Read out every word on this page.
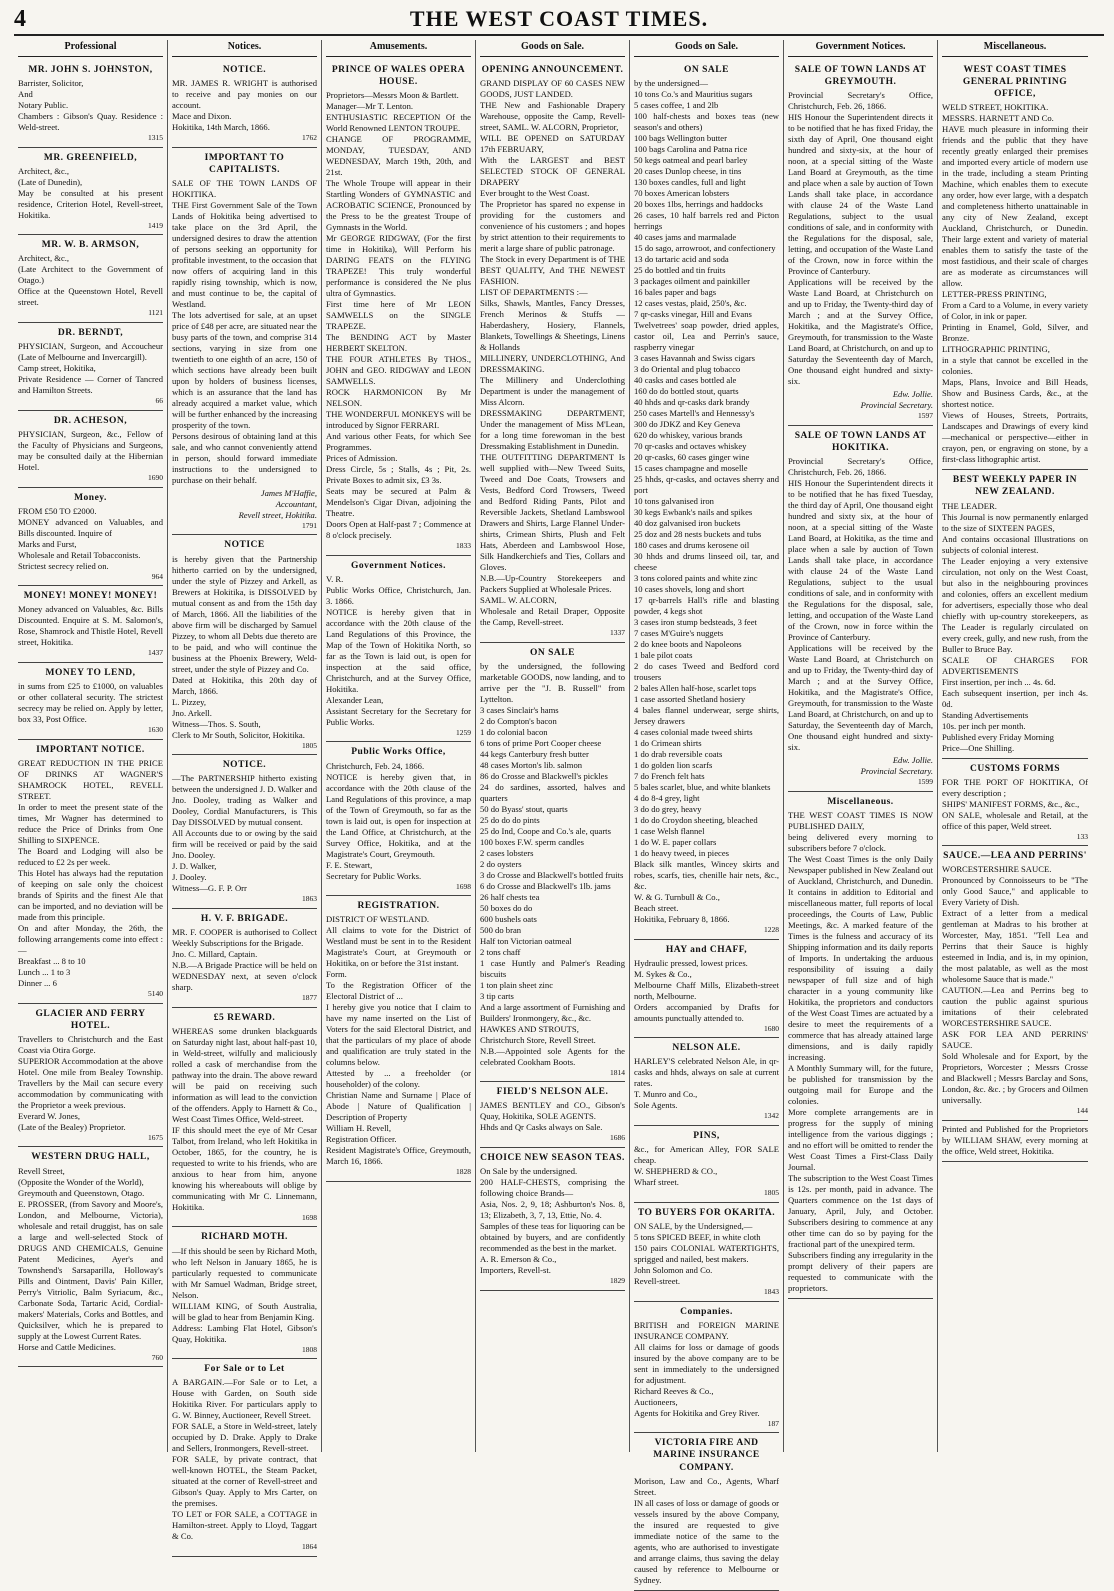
4	THE WEST COAST TIMES.
Professional
MR. JOHN S. JOHNSTON,
Barrister, Solicitor,
And
Notary Public.
Chambers : Gibson's Quay. Residence : Weld-street.
1315
MR. GREENFIELD,
Architect, &c.,
(Late of Dunedin),
May be consulted at his present residence, Criterion Hotel, Revell-street, Hokitika.
1419
MR. W. B. ARMSON,
Architect, &c.,
(Late Architect to the Government of Otago.)
Office at the Queenstown Hotel, Revell street.
1121
DR. BERNDT,
PHYSICIAN, Surgeon, and Accoucheur (Late of Melbourne and Invercargill).
Camp street, Hokitika,
Private Residence — Corner of Tancred and Hamilton Streets.
66
DR. ACHESON,
PHYSICIAN, Surgeon, &c., Fellow of the Faculty of Physicians and Surgeons, may be consulted daily at the Hibernian Hotel.
1690
Money.
FROM £50 TO £2000.
MONEY advanced on Valuables, and Bills discounted. Inquire of
Marks and Furst,
Wholesale and Retail Tobacconists.
Strictest secrecy relied on.
964
MONEY! MONEY! MONEY!
Money advanced on Valuables, &c. Bills Discounted. Enquire at S. M. Salomon's, Rose, Shamrock and Thistle Hotel, Revell street, Hokitika.
1437
MONEY TO LEND,
in sums from £25 to £1000, on valuables or other collateral security. The strictest secrecy may be relied on. Apply by letter, box 33, Post Office.
1630
IMPORTANT NOTICE.
GREAT REDUCTION IN THE PRICE OF DRINKS AT WAGNER'S SHAMROCK HOTEL, REVELL STREET.
In order to meet the present state of the times, Mr Wagner has determined to reduce the Price of Drinks from One Shilling to SIXPENCE.
The Board and Lodging will also be reduced to £2 2s per week.
This Hotel has always had the reputation of keeping on sale only the choicest brands of Spirits and the finest Ale that can be imported, and no deviation will be made from this principle.
On and after Monday, the 26th, the following arrangements come into effect :—
Breakfast ... 8 to 10
Lunch ... 1 to 3
Dinner ... 6
5140
GLACIER AND FERRY HOTEL.
Travellers to Christchurch and the East Coast via Otira Gorge.
SUPERIOR Accommodation at the above Hotel. One mile from Bealey Township. Travellers by the Mail can secure every accommodation by communicating with the Proprietor a week previous.
Everard W. Jones,
(Late of the Bealey) Proprietor.
1675
WESTERN DRUG HALL,
Revell Street,
(Opposite the Wonder of the World),
Greymouth and Queenstown, Otago.
E. PROSSER, (from Savory and Moore's, London, and Melbourne, Victoria), wholesale and retail druggist, has on sale a large and well-selected Stock of DRUGS AND CHEMICALS, Genuine Patent Medicines, Ayer's and Townshend's Sarsaparilla, Holloway's Pills and Ointment, Davis' Pain Killer, Perry's Vitriolic, Balm Syriacum, &c., Carbonate Soda, Tartaric Acid, Cordial-makers' Materials, Corks and Bottles, and Quicksilver, which he is prepared to supply at the Lowest Current Rates.
Horse and Cattle Medicines.
760
Notices.
NOTICE.
MR. JAMES R. WRIGHT is authorised to receive and pay monies on our account.
Mace and Dixon.
Hokitika, 14th March, 1866.
1762
IMPORTANT TO CAPITALISTS.
SALE OF THE TOWN LANDS OF HOKITIKA.
THE First Government Sale of the Town Lands of Hokitika being advertised to take place on the 3rd April, the undersigned desires to draw the attention of persons seeking an opportunity for profitable investment, to the occasion that now offers of acquiring land in this rapidly rising township, which is now, and must continue to be, the capital of Westland.
The lots advertised for sale, at an upset price of £48 per acre, are situated near the busy parts of the town, and comprise 314 sections, varying in size from one twentieth to one eighth of an acre, 150 of which sections have already been built upon by holders of business licenses, which is an assurance that the land has already acquired a market value, which will be further enhanced by the increasing prosperity of the town.
Persons desirous of obtaining land at this sale, and who cannot conveniently attend in person, should forward immediate instructions to the undersigned to purchase on their behalf.
James M'Haffie,
Accountant,
Revell street, Hokitika.
1791
NOTICE
is hereby given that the Partnership hitherto carried on by the undersigned, under the style of Pizzey and Arkell, as Brewers at Hokitika, is DISSOLVED by mutual consent as and from the 15th day of March, 1866. All the liabilities of the above firm will be discharged by Samuel Pizzey, to whom all Debts due thereto are to be paid, and who will continue the business at the Phoenix Brewery, Weld-street, under the style of Pizzey and Co.
Dated at Hokitika, this 20th day of March, 1866.
L. Pizzey,
Jno. Arkell.
Witness—Thos. S. South,
Clerk to Mr South, Solicitor, Hokitika.
1805
NOTICE.
—The PARTNERSHIP hitherto existing between the undersigned J. D. Walker and Jno. Dooley, trading as Walker and Dooley, Cordial Manufacturers, is This Day DISSOLVED by mutual consent.
All Accounts due to or owing by the said firm will be received or paid by the said Jno. Dooley.
J. D. Walker,
J. Dooley.
Witness—G. F. P. Orr
1863
H. V. F. BRIGADE.
MR. F. COOPER is authorised to Collect Weekly Subscriptions for the Brigade.
Jno. C. Millard, Captain.
N.B.—A Brigade Practice will be held on WEDNESDAY next, at seven o'clock sharp.
1877
£5 REWARD.
WHEREAS some drunken blackguards on Saturday night last, about half-past 10, in Weld-street, wilfully and maliciously rolled a cask of merchandise from the pathway into the drain. The above reward will be paid on receiving such information as will lead to the conviction of the offenders. Apply to Harnett & Co., West Coast Times Office, Weld-street.
IF this should meet the eye of Mr Cesar Talbot, from Ireland, who left Hokitika in October, 1865, for the country, he is requested to write to his friends, who are anxious to hear from him, anyone knowing his whereabouts will oblige by communicating with Mr C. Linnemann, Hokitika.
1698
RICHARD MOTH.
—If this should be seen by Richard Moth, who left Nelson in January 1865, he is particularly requested to communicate with Mr Samuel Wadman, Bridge street, Nelson.
WILLIAM KING, of South Australia, will be glad to hear from Benjamin King.
Address: Lambing Flat Hotel, Gibson's Quay, Hokitika.
1808
For Sale or to Let
A BARGAIN.—For Sale or to Let, a House with Garden, on South side Hokitika River. For particulars apply to G. W. Binney, Auctioneer, Revell Street.
FOR SALE, a Store in Weld-street, lately occupied by D. Drake. Apply to Drake and Sellers, Ironmongers, Revell-street.
FOR SALE, by private contract, that well-known HOTEL, the Steam Packet, situated at the corner of Revell-street and Gibson's Quay. Apply to Mrs Carter, on the premises.
TO LET or FOR SALE, a COTTAGE in Hamilton-street. Apply to Lloyd, Taggart & Co.
1864
Amusements.
PRINCE OF WALES OPERA HOUSE.
Proprietors—Messrs Moon & Bartlett.
Manager—Mr T. Lenton.
ENTHUSIASTIC RECEPTION Of the World Renowned LENTON TROUPE.
CHANGE OF PROGRAMME, MONDAY, TUESDAY, AND WEDNESDAY, March 19th, 20th, and 21st.
The Whole Troupe will appear in their Startling Wonders of GYMNASTIC and ACROBATIC SCIENCE, Pronounced by the Press to be the greatest Troupe of Gymnasts in the World.
Mr GEORGE RIDGWAY, (For the first time in Hokitika), Will Perform his DARING FEATS on the FLYING TRAPEZE! This truly wonderful performance is considered the Ne plus ultra of Gymnastics.
First time here of Mr LEON SAMWELLS on the SINGLE TRAPEZE.
The BENDING ACT by Master HERBERT SKELTON.
THE FOUR ATHLETES By THOS., JOHN and GEO. RIDGWAY and LEON SAMWELLS.
ROCK HARMONICON By Mr NELSON.
THE WONDERFUL MONKEYS will be introduced by Signor FERRARI.
And various other Feats, for which See Programmes.
Prices of Admission.
Dress Circle, 5s ; Stalls, 4s ; Pit, 2s. Private Boxes to admit six, £3 3s.
Seats may be secured at Palm & Mendelson's Cigar Divan, adjoining the Theatre.
Doors Open at Half-past 7 ; Commence at 8 o'clock precisely.
1833
Government Notices.
V. R.
Public Works Office, Christchurch, Jan. 3. 1866.
NOTICE is hereby given that in accordance with the 20th clause of the Land Regulations of this Province, the Map of the Town of Hokitika North, so far as the Town is laid out, is open for inspection at the said office, Christchurch, and at the Survey Office, Hokitika.
Alexander Lean,
Assistant Secretary for the Secretary for Public Works.
1259
Public Works Office,
Christchurch, Feb. 24, 1866.
NOTICE is hereby given that, in accordance with the 20th clause of the Land Regulations of this province, a map of the Town of Greymouth, so far as the town is laid out, is open for inspection at the Land Office, at Christchurch, at the Survey Office, Hokitika, and at the Magistrate's Court, Greymouth.
F. E. Stewart,
Secretary for Public Works.
1698
REGISTRATION.
DISTRICT OF WESTLAND.
All claims to vote for the District of Westland must be sent in to the Resident Magistrate's Court, at Greymouth or Hokitika, on or before the 31st instant.
Form.
To the Registration Officer of the Electoral District of ...
I hereby give you notice that I claim to have my name inserted on the List of Voters for the said Electoral District, and that the particulars of my place of abode and qualification are truly stated in the columns below.
Attested by ... a freeholder (or householder) of the colony.
Christian Name and Surname | Place of Abode | Nature of Qualification | Description of Property
William H. Revell,
Registration Officer.
Resident Magistrate's Office, Greymouth, March 16, 1866.
1828
Goods on Sale.
OPENING ANNOUNCEMENT.
GRAND DISPLAY OF 60 CASES NEW GOODS, JUST LANDED.
THE New and Fashionable Drapery Warehouse, opposite the Camp, Revell-street, SAML. W. ALCORN, Proprietor,
WILL BE OPENED on SATURDAY 17th FEBRUARY,
With the LARGEST and BEST SELECTED STOCK OF GENERAL DRAPERY
Ever brought to the West Coast.
The Proprietor has spared no expense in providing for the customers and convenience of his customers ; and hopes by strict attention to their requirements to merit a large share of public patronage.
The Stock in every Department is of THE BEST QUALITY, And THE NEWEST FASHION.
LIST OF DEPARTMENTS :—
Silks, Shawls, Mantles, Fancy Dresses, French Merinos & Stuffs — Haberdashery, Hosiery, Flannels, Blankets, Towellings & Sheetings, Linens & Hollands
MILLINERY, UNDERCLOTHING, And DRESSMAKING.
The Millinery and Underclothing Department is under the management of Miss Alcorn.
DRESSMAKING DEPARTMENT, Under the management of Miss M'Lean, for a long time forewoman in the best Dressmaking Establishment in Dunedin.
THE OUTFITTING DEPARTMENT Is well supplied with—New Tweed Suits, Tweed and Doe Coats, Trowsers and Vests, Bedford Cord Trowsers, Tweed and Bedford Riding Pants, Pilot and Reversible Jackets, Shetland Lambswool Drawers and Shirts, Large Flannel Under-shirts, Crimean Shirts, Plush and Felt Hats, Aberdeen and Lambswool Hose, Silk Handkerchiefs and Ties, Collars and Gloves.
N.B.—Up-Country Storekeepers and Packers Supplied at Wholesale Prices.
SAML. W. ALCORN,
Wholesale and Retail Draper, Opposite the Camp, Revell-street.
1337
ON SALE
by the undersigned, the following marketable GOODS, now landing, and to arrive per the "J. B. Russell" from Lyttelton.
3 cases Sinclair's hams
2 do Compton's bacon
1 do colonial bacon
6 tons of prime Port Cooper cheese
44 kegs Canterbury fresh butter
48 cases Morton's lib. salmon
86 do Crosse and Blackwell's pickles
24 do sardines, assorted, halves and quarters
50 do Byass' stout, quarts
25 do do do pints
25 do Ind, Coope and Co.'s ale, quarts
100 boxes F.W. sperm candles
2 cases lobsters
2 do oysters
3 do Crosse and Blackwell's bottled fruits
6 do Crosse and Blackwell's 1lb. jams
26 half chests tea
50 boxes do do
600 bushels oats
500 do bran
Half ton Victorian oatmeal
2 tons chaff
1 case Huntly and Palmer's Reading biscuits
1 ton plain sheet zinc
3 tip carts
And a large assortment of Furnishing and Builders' Ironmongery, &c., &c.
HAWKES AND STROUTS,
Christchurch Store, Revell Street.
N.B.—Appointed sole Agents for the celebrated Cookham Boots.
1814
FIELD'S NELSON ALE.
JAMES BENTLEY and CO., Gibson's Quay, Hokitika, SOLE AGENTS.
Hhds and Qr Casks always on Sale.
1686
CHOICE NEW SEASON TEAS.
On Sale by the undersigned.
200 HALF-CHESTS, comprising the following choice Brands—
Asia, Nos. 2, 9, 18; Ashburton's Nos. 8, 13; Elizabeth, 3, 7, 13, Ettie, No. 4.
Samples of these teas for liquoring can be obtained by buyers, and are confidently recommended as the best in the market.
A. R. Emerson & Co.,
Importers, Revell-st.
1829
Goods on Sale.
ON SALE
by the undersigned—
10 tons Co.'s and Mauritius sugars
5 cases coffee, 1 and 2lb
100 half-chests and boxes teas (new season's and others)
100 bags Wellington butter
100 bags Carolina and Patna rice
50 kegs oatmeal and pearl barley
20 cases Dunlop cheese, in tins
130 boxes candles, full and light
70 boxes American lobsters
20 boxes 1lbs, herrings and haddocks
26 cases, 10 half barrels red and Picton herrings
40 cases jams and marmalade
15 do sago, arrowroot, and confectionery
13 do tartaric acid and soda
25 do bottled and tin fruits
3 packages oilment and painkiller
16 bales paper and bags
12 cases vestas, plaid, 250's, &c.
7 qr-casks vinegar, Hill and Evans
Twelvetrees' soap powder, dried apples, castor oil, Lea and Perrin's sauce, raspberry vinegar
3 cases Havannah and Swiss cigars
3 do Oriental and plug tobacco
40 casks and cases bottled ale
160 do do bottled stout, quarts
40 hhds and qr-casks dark brandy
250 cases Martell's and Hennessy's
300 do JDKZ and Key Geneva
620 do whiskey, various brands
70 qr-casks and octaves whiskey
20 qr-casks, 60 cases ginger wine
15 cases champagne and moselle
25 hhds, qr-casks, and octaves sherry and port
10 tons galvanised iron
30 kegs Ewbank's nails and spikes
40 doz galvanised iron buckets
25 doz and 28 nests buckets and tubs
180 cases and drums kerosene oil
30 hhds and drums linseed oil, tar, and cheese
3 tons colored paints and white zinc
10 cases shovels, long and short
17 qr-barrels Hall's rifle and blasting powder, 4 kegs shot
3 cases iron stump bedsteads, 3 feet
7 cases M'Guire's nuggets
2 do knee boots and Napoleons
1 bale pilot coats
2 do cases Tweed and Bedford cord trousers
2 bales Allen half-hose, scarlet tops
1 case assorted Shetland hosiery
4 bales flannel underwear, serge shirts, Jersey drawers
4 cases colonial made tweed shirts
1 do Crimean shirts
1 do drab reversible coats
1 do golden lion scarfs
7 do French felt hats
5 bales scarlet, blue, and white blankets
4 do 8-4 grey, light
3 do do grey, heavy
1 do do Croydon sheeting, bleached
1 case Welsh flannel
1 do W. E. paper collars
1 do heavy tweed, in pieces
Black silk mantles, Wincey skirts and robes, scarfs, ties, chenille hair nets, &c., &c.
W. & G. Turnbull & Co.,
Beach street.
Hokitika, February 8, 1866.
1228
HAY and CHAFF,
Hydraulic pressed, lowest prices.
M. Sykes & Co.,
Melbourne Chaff Mills, Elizabeth-street north, Melbourne.
Orders accompanied by Drafts for amounts punctually attended to.
1680
NELSON ALE.
HARLEY'S celebrated Nelson Ale, in qr-casks and hhds, always on sale at current rates.
T. Munro and Co.,
Sole Agents.
1342
PINS,
&c., for American Alley, FOR SALE cheap.
W. SHEPHERD & CO.,
Wharf street.
1805
TO BUYERS FOR OKARITA.
ON SALE, by the Undersigned,—
5 tons SPICED BEEF, in white cloth
150 pairs COLONIAL WATERTIGHTS, sprigged and nailed, best makers.
John Solomon and Co.
Revell-street.
1843
Companies.
BRITISH and FOREIGN MARINE INSURANCE COMPANY.
All claims for loss or damage of goods insured by the above company are to be sent in immediately to the undersigned for adjustment.
Richard Reeves & Co.,
Auctioneers,
Agents for Hokitika and Grey River.
187
VICTORIA FIRE AND MARINE INSURANCE COMPANY.
Morison, Law and Co., Agents, Wharf Street.
IN all cases of loss or damage of goods or vessels insured by the above Company, the insured are requested to give immediate notice of the same to the agents, who are authorised to investigate and arrange claims, thus saving the delay caused by reference to Melbourne or Sydney.
Government Notices.
SALE OF TOWN LANDS AT GREYMOUTH.
Provincial Secretary's Office, Christchurch, Feb. 26, 1866.
HIS Honour the Superintendent directs it to be notified that he has fixed Friday, the sixth day of April, One thousand eight hundred and sixty-six, at the hour of noon, at a special sitting of the Waste Land Board at Greymouth, as the time and place when a sale by auction of Town Lands shall take place, in accordance with clause 24 of the Waste Land Regulations, subject to the usual conditions of sale, and in conformity with the Regulations for the disposal, sale, letting, and occupation of the Waste Land of the Crown, now in force within the Province of Canterbury.
Applications will be received by the Waste Land Board, at Christchurch on and up to Friday, the Twenty-third day of March ; and at the Survey Office, Hokitika, and the Magistrate's Office, Greymouth, for transmission to the Waste Land Board, at Christchurch, on and up to Saturday the Seventeenth day of March, One thousand eight hundred and sixty-six.
Edw. Jollie.
Provincial Secretary.
1597
SALE OF TOWN LANDS AT HOKITIKA.
Provincial Secretary's Office, Christchurch, Feb. 26, 1866.
HIS Honour the Superintendent directs it to be notified that he has fixed Tuesday, the third day of April, One thousand eight hundred and sixty six, at the hour of noon, at a special sitting of the Waste Land Board, at Hokitika, as the time and place when a sale by auction of Town Lands shall take place, in accordance with clause 24 of the Waste Land Regulations, subject to the usual conditions of sale, and in conformity with the Regulations for the disposal, sale, letting, and occupation of the Waste Land of the Crown, now in force within the Province of Canterbury.
Applications will be received by the Waste Land Board, at Christchurch on and up to Friday, the Twenty-third day of March ; and at the Survey Office, Hokitika, and the Magistrate's Office, Greymouth, for transmission to the Waste Land Board, at Christchurch, on and up to Saturday, the Seventeenth day of March, One thousand eight hundred and sixty-six.
Edw. Jollie.
Provincial Secretary.
1599
Miscellaneous.
THE WEST COAST TIMES IS NOW PUBLISHED DAILY,
being delivered every morning to subscribers before 7 o'clock.
The West Coast Times is the only Daily Newspaper published in New Zealand out of Auckland, Christchurch, and Dunedin. It contains in addition to Editorial and miscellaneous matter, full reports of local proceedings, the Courts of Law, Public Meetings, &c. A marked feature of the Times is the fulness and accuracy of its Shipping information and its daily reports of Imports. In undertaking the arduous responsibility of issuing a daily newspaper of full size and of high character in a young community like Hokitika, the proprietors and conductors of the West Coast Times are actuated by a desire to meet the requirements of a commerce that has already attained large dimensions, and is daily rapidly increasing.
A Monthly Summary will, for the future, be published for transmission by the outgoing mail for Europe and the colonies.
More complete arrangements are in progress for the supply of mining intelligence from the various diggings ; and no effort will be omitted to render the West Coast Times a First-Class Daily Journal.
The subscription to the West Coast Times is 12s. per month, paid in advance. The Quarters commence on the 1st days of January, April, July, and October. Subscribers desiring to commence at any other time can do so by paying for the fractional part of the unexpired term.
Subscribers finding any irregularity in the prompt delivery of their papers are requested to communicate with the proprietors.
Miscellaneous.
WEST COAST TIMES GENERAL PRINTING OFFICE,
WELD STREET, HOKITIKA.
MESSRS. HARNETT AND Co.
HAVE much pleasure in informing their friends and the public that they have recently greatly enlarged their premises and imported every article of modern use in the trade, including a steam Printing Machine, which enables them to execute any order, how ever large, with a despatch and completeness hitherto unattainable in any city of New Zealand, except Auckland, Christchurch, or Dunedin. Their large extent and variety of material enables them to satisfy the taste of the most fastidious, and their scale of charges are as moderate as circumstances will allow.
LETTER-PRESS PRINTING,
From a Card to a Volume, in every variety of Color, in ink or paper.
Printing in Enamel, Gold, Silver, and Bronze.
LITHOGRAPHIC PRINTING,
in a style that cannot be excelled in the colonies.
Maps, Plans, Invoice and Bill Heads, Show and Business Cards, &c., at the shortest notice.
Views of Houses, Streets, Portraits, Landscapes and Drawings of every kind —mechanical or perspective—either in crayon, pen, or engraving on stone, by a first-class lithographic artist.
BEST WEEKLY PAPER IN NEW ZEALAND.
THE LEADER.
This Journal is now permanently enlarged to the size of SIXTEEN PAGES,
And contains occasional Illustrations on subjects of colonial interest.
The Leader enjoying a very extensive circulation, not only on the West Coast, but also in the neighbouring provinces and colonies, offers an excellent medium for advertisers, especially those who deal chiefly with up-country storekeepers, as The Leader is regularly circulated on every creek, gully, and new rush, from the Buller to Bruce Bay.
SCALE OF CHARGES FOR ADVERTISEMENTS
First insertion, per inch ... 4s. 6d.
Each subsequent insertion, per inch 4s. 0d.
Standing Advertisements
10s. per inch per month.
Published every Friday Morning
Price—One Shilling.
CUSTOMS FORMS
FOR THE PORT OF HOKITIKA, Of every description ;
SHIPS' MANIFEST FORMS, &c., &c.,
ON SALE, wholesale and Retail, at the office of this paper, Weld street.
133
SAUCE.—LEA AND PERRINS'
WORCESTERSHIRE SAUCE.
Pronounced by Connoisseurs to be "The only Good Sauce," and applicable to Every Variety of Dish.
Extract of a letter from a medical gentleman at Madras to his brother at Worcester, May, 1851. "Tell Lea and Perrins that their Sauce is highly esteemed in India, and is, in my opinion, the most palatable, as well as the most wholesome Sauce that is made."
CAUTION.—Lea and Perrins beg to caution the public against spurious imitations of their celebrated WORCESTERSHIRE SAUCE.
ASK FOR LEA AND PERRINS' SAUCE.
Sold Wholesale and for Export, by the Proprietors, Worcester ; Messrs Crosse and Blackwell ; Messrs Barclay and Sons, London, &c. &c. ; by Grocers and Oilmen universally.
144
Printed and Published for the Proprietors by WILLIAM SHAW, every morning at the office, Weld street, Hokitika.
